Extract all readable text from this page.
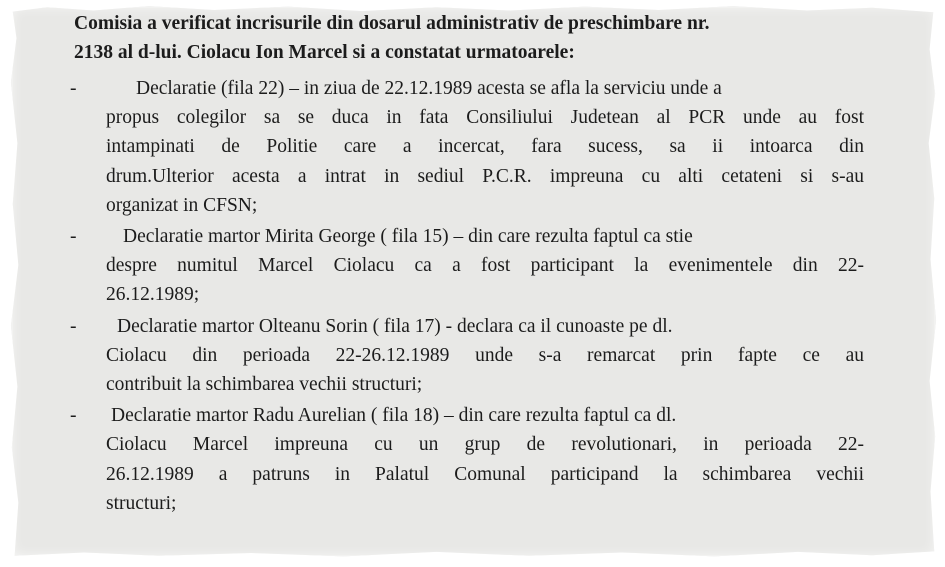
Comisia a verificat incrisurile din dosarul administrativ de preschimbare nr.
2138 al d-lui. Ciolacu Ion Marcel si a constatat urmatoarele:
-	Declaratie (fila 22) – in ziua de 22.12.1989 acesta se afla la serviciu unde a
propus colegilor sa se duca in fata Consiliului Judetean al PCR unde au fost
intampinati de Politie care a incercat, fara sucess, sa ii intoarca din
drum.Ulterior acesta a intrat in sediul P.C.R. impreuna cu alti cetateni si s-au
organizat in CFSN;
-	Declaratie martor Mirita George ( fila 15) – din care rezulta faptul ca stie
despre numitul Marcel Ciolacu ca a fost participant la evenimentele din 22-
26.12.1989;
-	Declaratie martor Olteanu Sorin ( fila 17) - declara ca il cunoaste pe dl.
Ciolacu din perioada 22-26.12.1989 unde s-a remarcat prin fapte ce au
contribuit la schimbarea vechii structuri;
- Declaratie martor Radu Aurelian ( fila 18) – din care rezulta faptul ca dl.
Ciolacu Marcel impreuna cu un grup de revolutionari, in perioada 22-
26.12.1989 a patruns in Palatul Comunal participand la schimbarea vechii
structuri;
